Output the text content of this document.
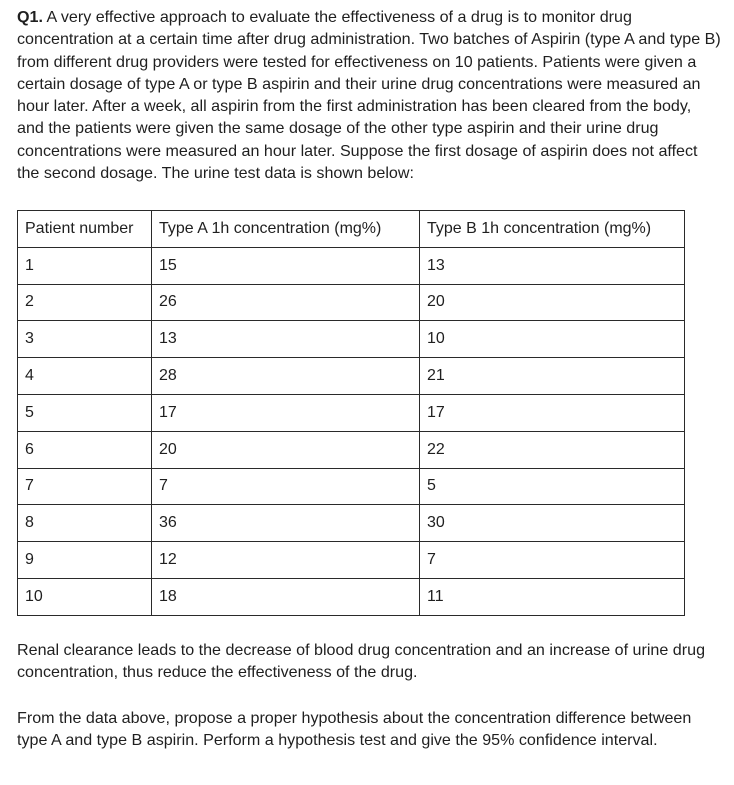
Q1. A very effective approach to evaluate the effectiveness of a drug is to monitor drug concentration at a certain time after drug administration. Two batches of Aspirin (type A and type B) from different drug providers were tested for effectiveness on 10 patients. Patients were given a certain dosage of type A or type B aspirin and their urine drug concentrations were measured an hour later. After a week, all aspirin from the first administration has been cleared from the body, and the patients were given the same dosage of the other type aspirin and their urine drug concentrations were measured an hour later. Suppose the first dosage of aspirin does not affect the second dosage. The urine test data is shown below:

Patient number	Type A 1h concentration (mg%)	Type B 1h concentration (mg%)
1	15	13
2	26	20
3	13	10
4	28	21
5	17	17
6	20	22
7	7	5
8	36	30
9	12	7
10	18	11

Renal clearance leads to the decrease of blood drug concentration and an increase of urine drug concentration, thus reduce the effectiveness of the drug.

From the data above, propose a proper hypothesis about the concentration difference between type A and type B aspirin. Perform a hypothesis test and give the 95% confidence interval.
